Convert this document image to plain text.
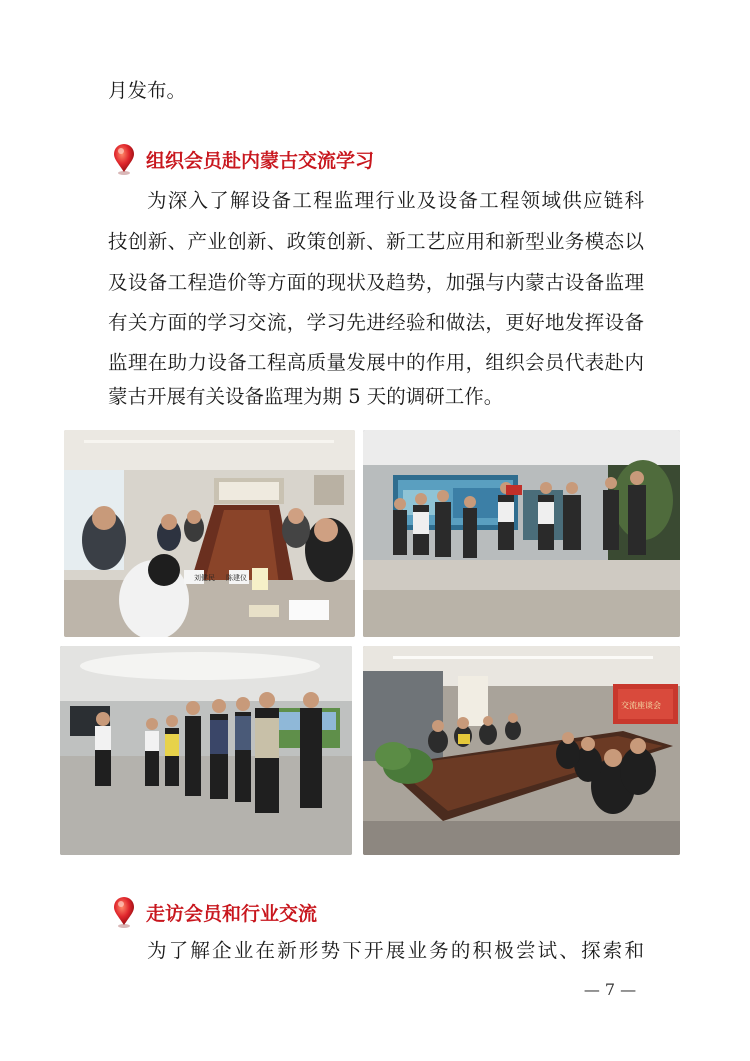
月发布。
组织会员赴内蒙古交流学习
为深入了解设备工程监理行业及设备工程领域供应链科
技创新、产业创新、政策创新、新工艺应用和新型业务模态以
及设备工程造价等方面的现状及趋势，加强与内蒙古设备监理
有关方面的学习交流，学习先进经验和做法，更好地发挥设备
监理在助力设备工程高质量发展中的作用，组织会员代表赴内
蒙古开展有关设备监理为期 5 天的调研工作。
刘健民 陈建仪
交流座谈会
走访会员和行业交流
为了解企业在新形势下开展业务的积极尝试、探索和
— 7 —
